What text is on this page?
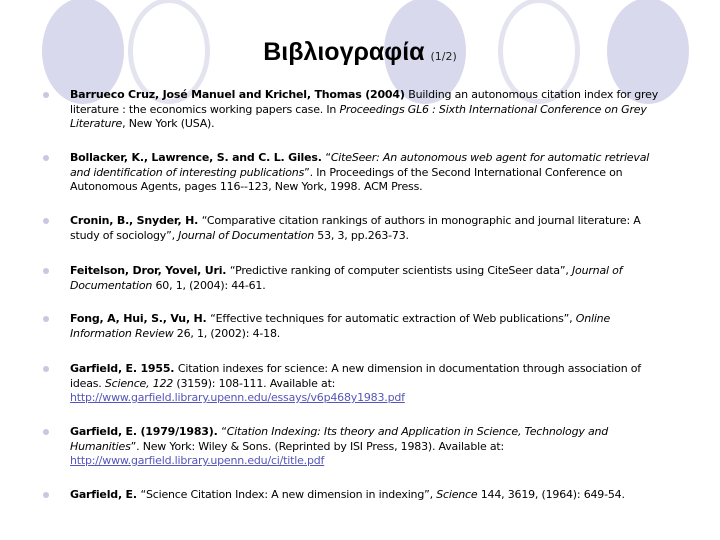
Βιβλιογραφία (1/2)
Barrueco Cruz, José Manuel and Krichel, Thomas (2004) Building an autonomous citation index for grey literature : the economics working papers case. In Proceedings GL6 : Sixth International Conference on Grey Literature, New York (USA).
Bollacker, K., Lawrence, S. and C. L. Giles. “CiteSeer: An autonomous web agent for automatic retrieval and identification of interesting publications”. In Proceedings of the Second International Conference on Autonomous Agents, pages 116--123, New York, 1998. ACM Press.
Cronin, B., Snyder, H. “Comparative citation rankings of authors in monographic and journal literature: A study of sociology”, Journal of Documentation 53, 3, pp.263-73.
Feitelson, Dror, Yovel, Uri. “Predictive ranking of computer scientists using CiteSeer data”, Journal of Documentation 60, 1, (2004): 44-61.
Fong, A, Hui, S., Vu, H. “Effective techniques for automatic extraction of Web publications”, Online Information Review 26, 1, (2002): 4-18.
Garfield, E. 1955. Citation indexes for science: A new dimension in documentation through association of ideas. Science, 122 (3159): 108-111. Available at: http://www.garfield.library.upenn.edu/essays/v6p468y1983.pdf
Garfield, E. (1979/1983). “Citation Indexing: Its theory and Application in Science, Technology and Humanities”. New York: Wiley & Sons. (Reprinted by ISI Press, 1983). Available at: http://www.garfield.library.upenn.edu/ci/title.pdf
Garfield, E. “Science Citation Index: A new dimension in indexing”, Science 144, 3619, (1964): 649-54.
